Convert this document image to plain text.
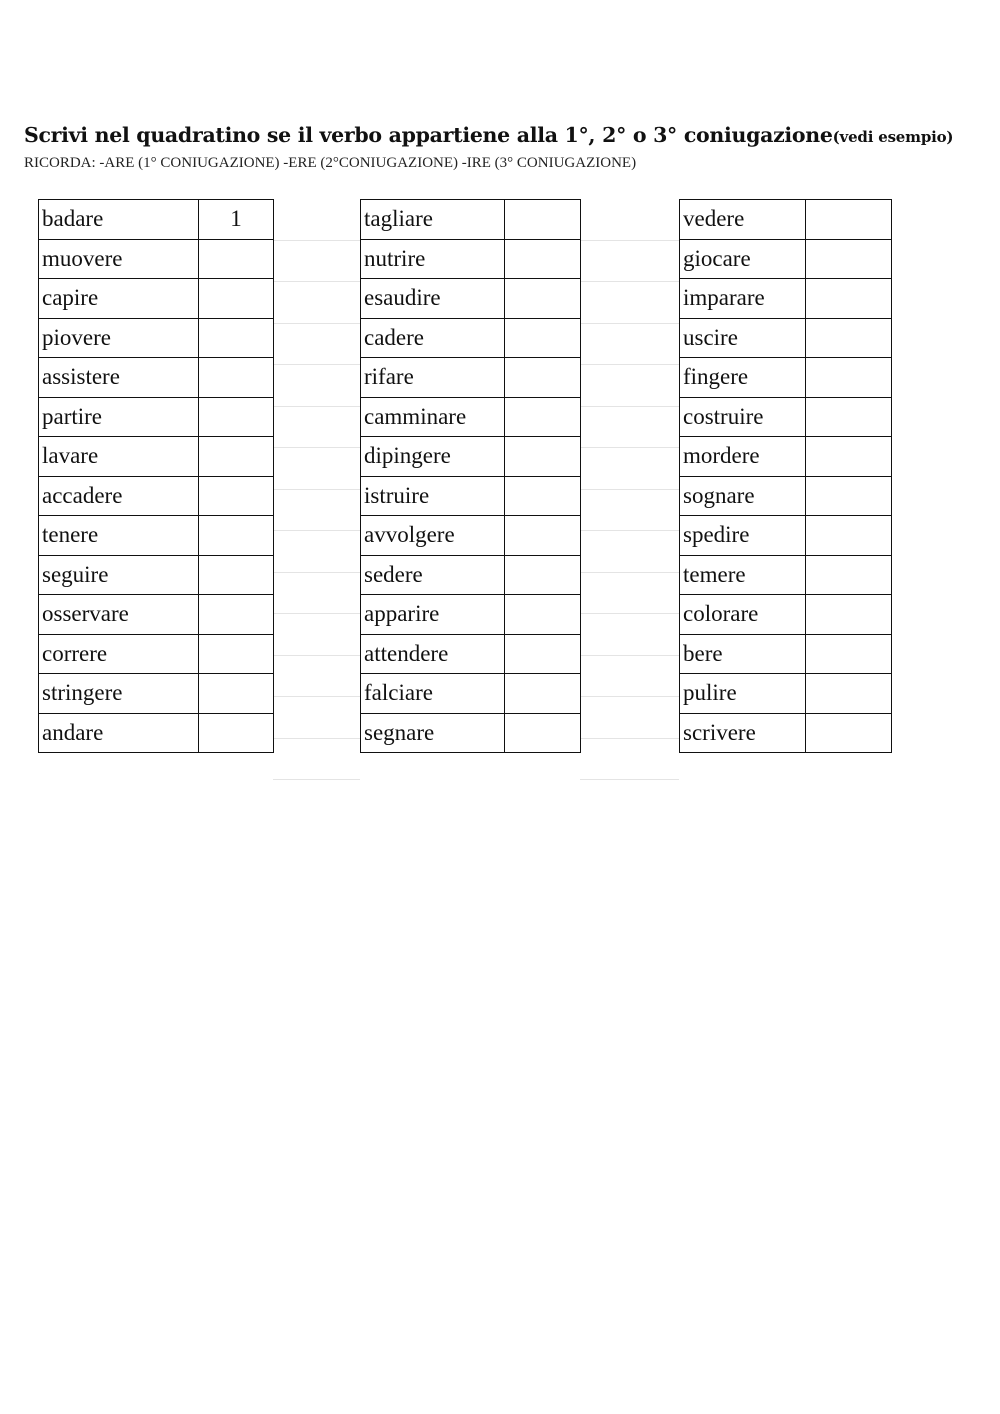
Scrivi nel quadratino se il verbo appartiene alla 1°, 2° o 3° coniugazione(vedi esempio)
RICORDA: -ARE (1° CONIUGAZIONE) -ERE (2°CONIUGAZIONE) -IRE (3° CONIUGAZIONE)
badare	1
muovere	
capire	
piovere	
assistere	
partire	
lavare	
accadere	
tenere	
seguire	
osservare	
correre	
stringere	
andare	
tagliare	
nutrire	
esaudire	
cadere	
rifare	
camminare	
dipingere	
istruire	
avvolgere	
sedere	
apparire	
attendere	
falciare	
segnare	
vedere	
giocare	
imparare	
uscire	
fingere	
costruire	
mordere	
sognare	
spedire	
temere	
colorare	
bere	
pulire	
scrivere	
